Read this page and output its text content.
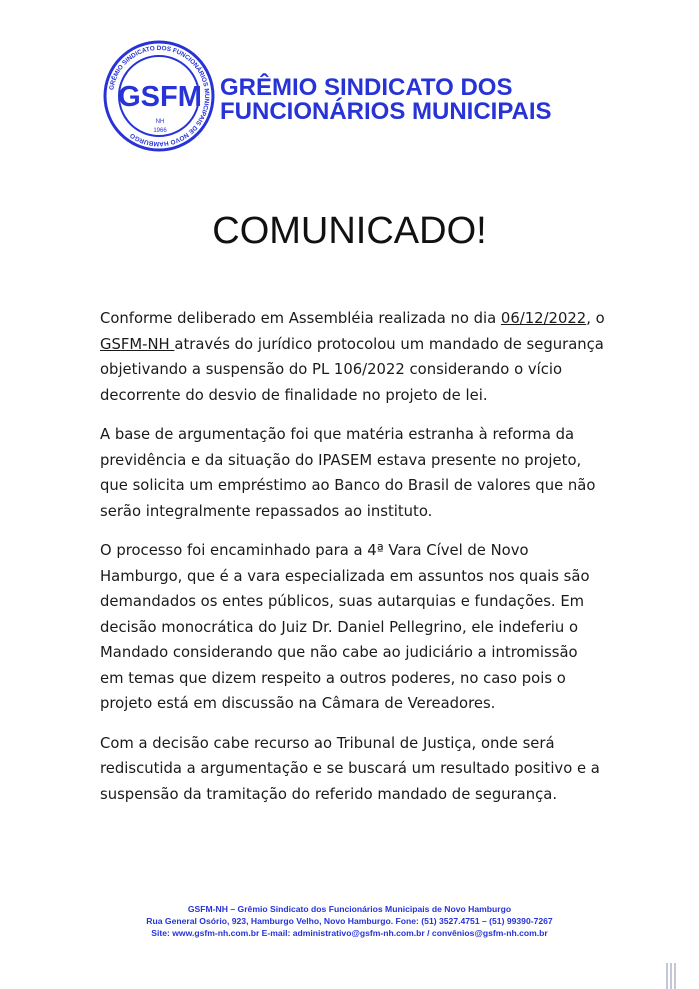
GRÊMIO SINDICATO DOS FUNCIONÁRIOS MUNICIPAIS DE NOVO HAMBURGO
GSFM
NH
1966
GRÊMIO SINDICATO DOS
FUNCIONÁRIOS MUNICIPAIS
COMUNICADO!

Conforme deliberado em Assembléia realizada no dia 06/12/2022, o GSFM-NH através do jurídico protocolou um mandado de segurança objetivando a suspensão do PL 106/2022 considerando o vício decorrente do desvio de finalidade no projeto de lei.

A base de argumentação foi que matéria estranha à reforma da previdência e da situação do IPASEM estava presente no projeto, que solicita um empréstimo ao Banco do Brasil de valores que não serão integralmente repassados ao instituto.

O processo foi encaminhado para a 4ª Vara Cível de Novo Hamburgo, que é a vara especializada em assuntos nos quais são demandados os entes públicos, suas autarquias e fundações. Em decisão monocrática do Juiz Dr. Daniel Pellegrino, ele indeferiu o Mandado considerando que não cabe ao judiciário a intromissão em temas que dizem respeito a outros poderes, no caso pois o projeto está em discussão na Câmara de Vereadores.

Com a decisão cabe recurso ao Tribunal de Justiça, onde será rediscutida a argumentação e se buscará um resultado positivo e a suspensão da tramitação do referido mandado de segurança.

GSFM-NH – Grêmio Sindicato dos Funcionários Municipais de Novo Hamburgo
Rua General Osório, 923, Hamburgo Velho, Novo Hamburgo. Fone: (51) 3527.4751 – (51) 99390-7267
Site: www.gsfm-nh.com.br E-mail: administrativo@gsfm-nh.com.br / convênios@gsfm-nh.com.br
